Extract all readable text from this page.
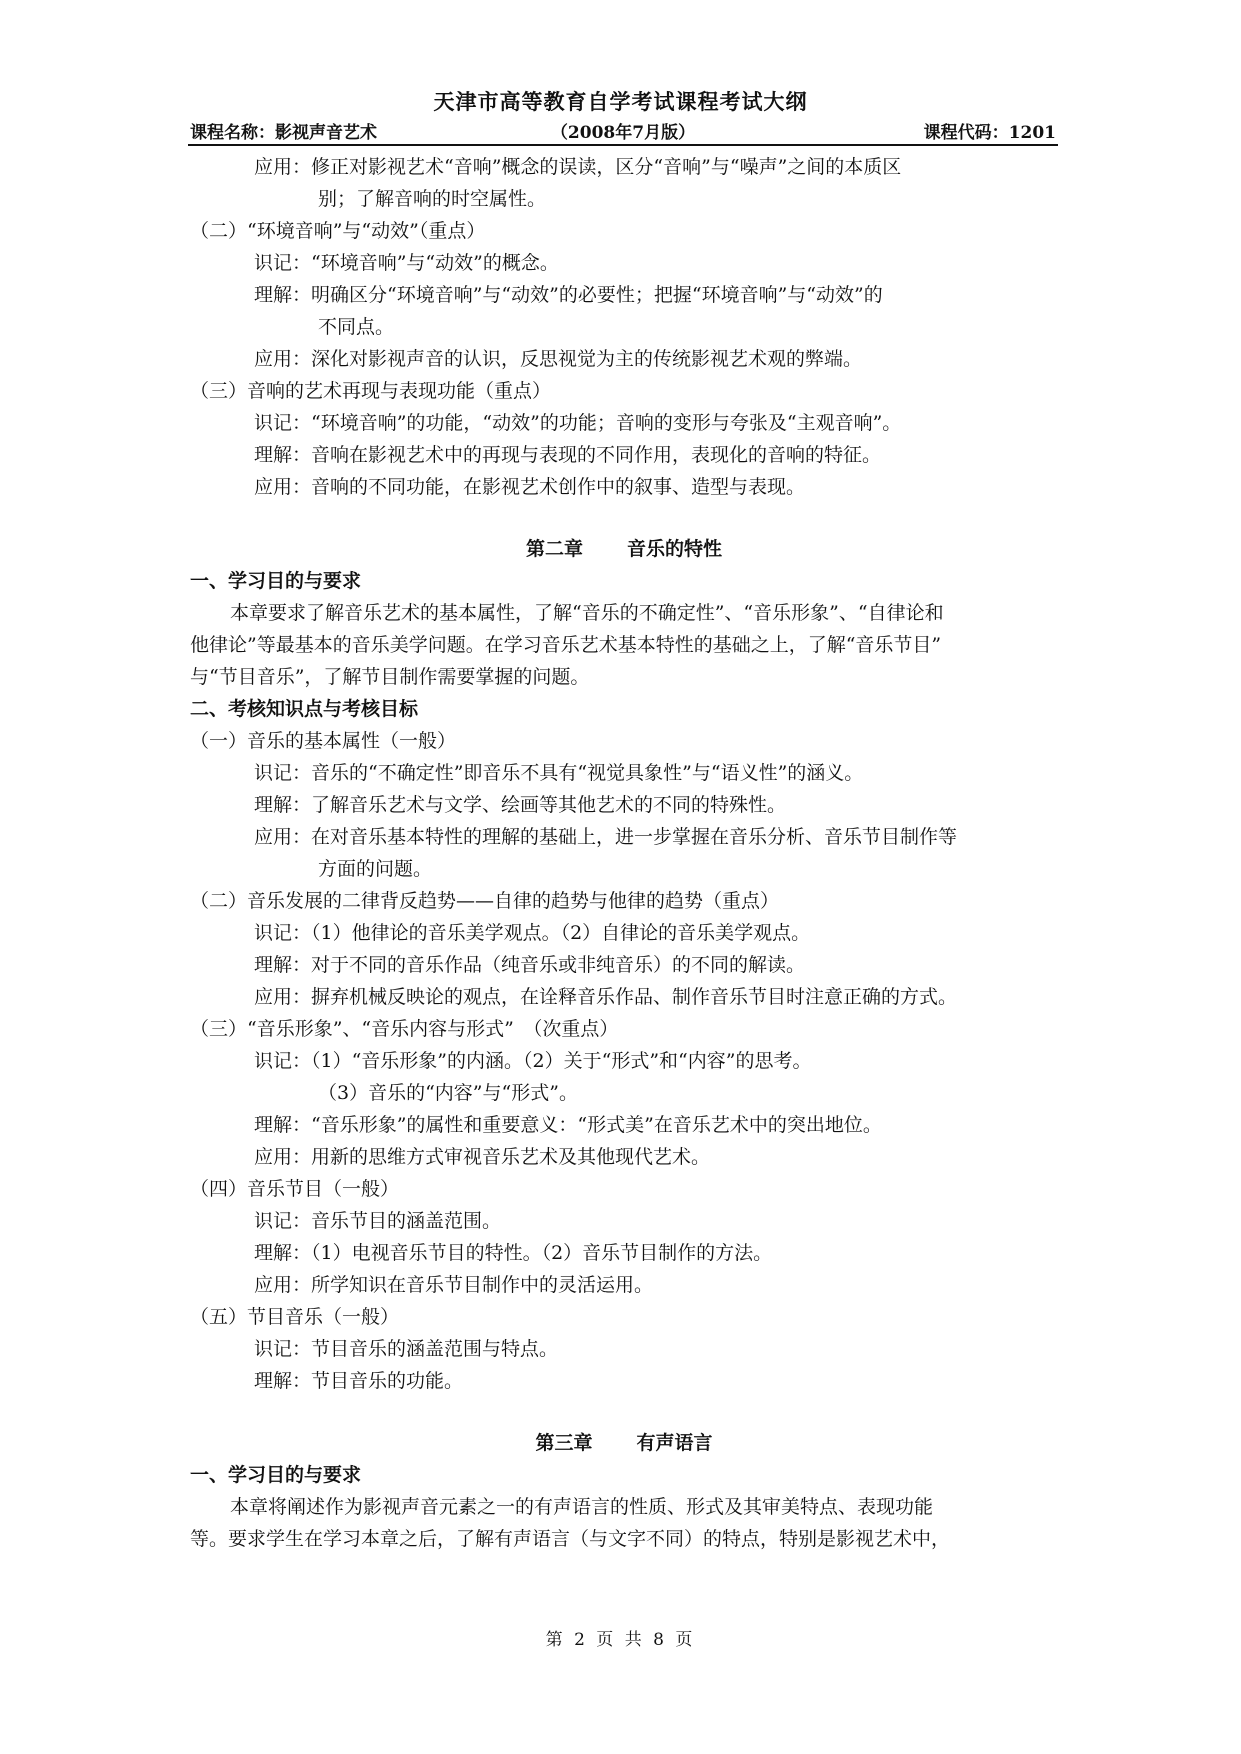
天津市高等教育自学考试课程考试大纲
（2008年7月版）
课程名称：影视声音艺术	课程代码：1201
应用：修正对影视艺术“音响”概念的误读，区分“音响”与“噪声”之间的本质区
别；了解音响的时空属性。
（二）“环境音响”与“动效”（重点）
识记：“环境音响”与“动效”的概念。
理解：明确区分“环境音响”与“动效”的必要性；把握“环境音响”与“动效”的
不同点。
应用：深化对影视声音的认识，反思视觉为主的传统影视艺术观的弊端。
（三）音响的艺术再现与表现功能（重点）
识记：“环境音响”的功能，“动效”的功能；音响的变形与夸张及“主观音响”。
理解：音响在影视艺术中的再现与表现的不同作用，表现化的音响的特征。
应用：音响的不同功能，在影视艺术创作中的叙事、造型与表现。
第二章 音乐的特性
一、学习目的与要求
本章要求了解音乐艺术的基本属性，了解“音乐的不确定性”、“音乐形象”、“自律论和
他律论”等最基本的音乐美学问题。在学习音乐艺术基本特性的基础之上，了解“音乐节目”
与“节目音乐”，了解节目制作需要掌握的问题。
二、考核知识点与考核目标
（一）音乐的基本属性（一般）
识记：音乐的“不确定性”即音乐不具有“视觉具象性”与“语义性”的涵义。
理解：了解音乐艺术与文学、绘画等其他艺术的不同的特殊性。
应用：在对音乐基本特性的理解的基础上，进一步掌握在音乐分析、音乐节目制作等
方面的问题。
（二）音乐发展的二律背反趋势——自律的趋势与他律的趋势（重点）
识记：（1）他律论的音乐美学观点。（2）自律论的音乐美学观点。
理解：对于不同的音乐作品（纯音乐或非纯音乐）的不同的解读。
应用：摒弃机械反映论的观点，在诠释音乐作品、制作音乐节目时注意正确的方式。
（三）“音乐形象”、“音乐内容与形式”　（次重点）
识记：（1）“音乐形象”的内涵。（2）关于“形式”和“内容”的思考。
（3）音乐的“内容”与“形式”。
理解：“音乐形象”的属性和重要意义：“形式美”在音乐艺术中的突出地位。
应用：用新的思维方式审视音乐艺术及其他现代艺术。
（四）音乐节目（一般）
识记：音乐节目的涵盖范围。
理解：（1）电视音乐节目的特性。（2）音乐节目制作的方法。
应用：所学知识在音乐节目制作中的灵活运用。
（五）节目音乐（一般）
识记：节目音乐的涵盖范围与特点。
理解：节目音乐的功能。
第三章 有声语言
一、学习目的与要求
本章将阐述作为影视声音元素之一的有声语言的性质、形式及其审美特点、表现功能
等。要求学生在学习本章之后，了解有声语言（与文字不同）的特点，特别是影视艺术中，
第 2 页 共 8 页
